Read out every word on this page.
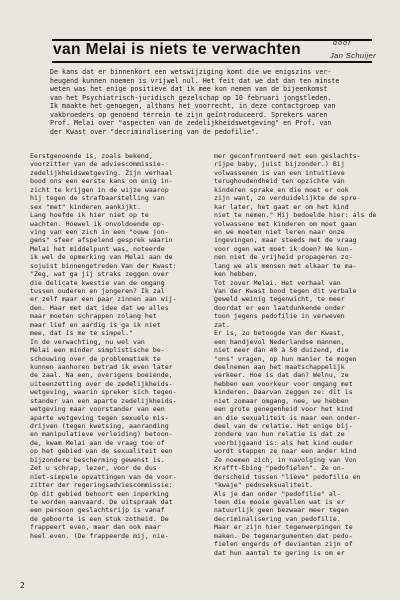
van Melai is niets te verwachten	door
Jan Schuijer
De kans dat er binnenkort een wetswijziging komt die we enigszins ver-
heugend kunnen noemen is vrijwel nul. Het feit dat we dat dan ten minste
weten was het enige positieve dat ik mee kon nemen van de bijeenkomst
van het Psychiatrisch-juridisch gezelschap op 10 februari jongstleden.
Ik maakte het genoegen, althans het voorrecht, in deze contactgroep van
vakbroeders op genoend terrein te zijn geïntroduceerd. Sprekers waren
Prof. Melai over "aspecten van de zedelijkheidswetgeving" en Prof. van
der Kwast over "decriminalisering van de pedofilie".
Eerstgenoende is, zoals bekend,
voorzitter van de adviescommissie-
zedelijkheidswetgeving. Zijn verhaal
bood ons een eerste kans om enig in-
zicht te krijgen in de wijze waarop
hij tegen de strafbaarstelling van
sex "met" kinderen aankijkt.
Lang hoefde ik hier niet op te
wachten. Hoewel ik onvoldoende op-
ving van een zich in een "ouwe jon-
gens" sfeer afspelend gesprek waarin
Melai het middelpunt was, noteerde
ik wel de opmerking van Melai aan de
sojuist binnengetreden Van der Kwast:
"Zeg, wat ga jij straks zeggen over
die delicate kwestie van de omgang
tussen ouderen en jongeren? Ik zal
er zelf maar een paar zinnen aan wij-
den. Maar met dat idee dat we alles
maar moeten schrappen zolang het
maar lief en aardig is ga ik niet
mee, dat is me te simpel."
In de verwachting, nu wel van
Melai een minder simplistische be-
schouwing over de problematiek te
kunnen aanhoren betrad ik even later
de zaal. Na een, overigens boeiende,
uiteenzetting over de zedelijkheids-
wetgeving, waarin spreker sich tegen-
stander van een aparte zedelijkheids-
wetgeving maar voorstander van een
aparte wetgeving tegen sexuele mis-
drijven (tegen kwetsing, aanranding
en manipulatieve verleiding) betoon-
de, kwam Melai aan de vraag toe of
op het gebied van de sexualiteit een
bijzondere bescherming gewenst is.
Zet u schrap, lezer, voor de dus
niet-simpele opvattingen van de voor-
zitter der regeringsadviescommissie:
Op dit gebied behoort een inperking
te worden aanvaard. De uitspraak dat
een persoon geslachtsrijp is vanaf
de geboorte is een stuk zotheid. De
frappeert even, maar dan ook maar
heel even. (De frappeerde mij, nie-
mer geconfronteerd met een geslachts-
rijpe baby, juist bijzonder.) Bij
volwassenen is van een intuitieve
terughoudendheid ten opzichte van
kinderen sprake en die moet er ook
zijn want, zo verduidelijkte de spre-
kar later, het gaat er om het kind
niet te nemen." Hij bedoelde hier: als de
volwassene met kinderen om moet gaan
en we moeten niet leren naar onze
ingevingen, maar steeds met de vraag
voor ogen wat moet ik doen? We kun-
nen niet de vrijheid propageren zo-
lang we als mensen met elkaar te ma-
ken hebben.
Tot zover Melai. Het verhaal van
Van der Kwast bood tegen dit verbale
geweld weinig tegenwicht, te meer
doordat er een laatdunkende onder
toon jegens pedofilie in verweven
zat.
Er is, zo betoogde Van der Kwast,
een handjevol Nederlandse mannen,
niet meer dan 40 à 50 duizend, die
"ons" vragen, op hun manier te mogen
deelnemen aan het maatschappelijk
verkeer. Hoe is dat dan? Welnu, ze
hebben een voorkeur voor omgang met
kinderen. Daarvan zeggen ze: dit is
niet zomaar omgang, nee, we hebben
een grote genegenheid voor het kind
en die sexualiteit is maar een onder-
deel van de relatie. Het enige bij-
zondere van hun relatie is dat ze
voorbijgaand is: als het kind ouder
wordt stappen ze naar een ander kind
Ze noemen zich, in navolging van Von
Krafft-Ebing "pedofielen". Ze on-
derscheid tussen "lieve" pedofilie en
"kwaje" pedoseksualiteit.
Als je dan onder "pedofilie" al-
leen die mooie gevallen wat is er
natuurlijk geen bezwaar meer tegen
decriminalisering van pedofilie.
Maar er zijn hier tegenwerpingen te
maken. De tegenargumenten dat pedo-
fielen engerds of devianten zijn of
dat hun aantal te gering is om er
2
